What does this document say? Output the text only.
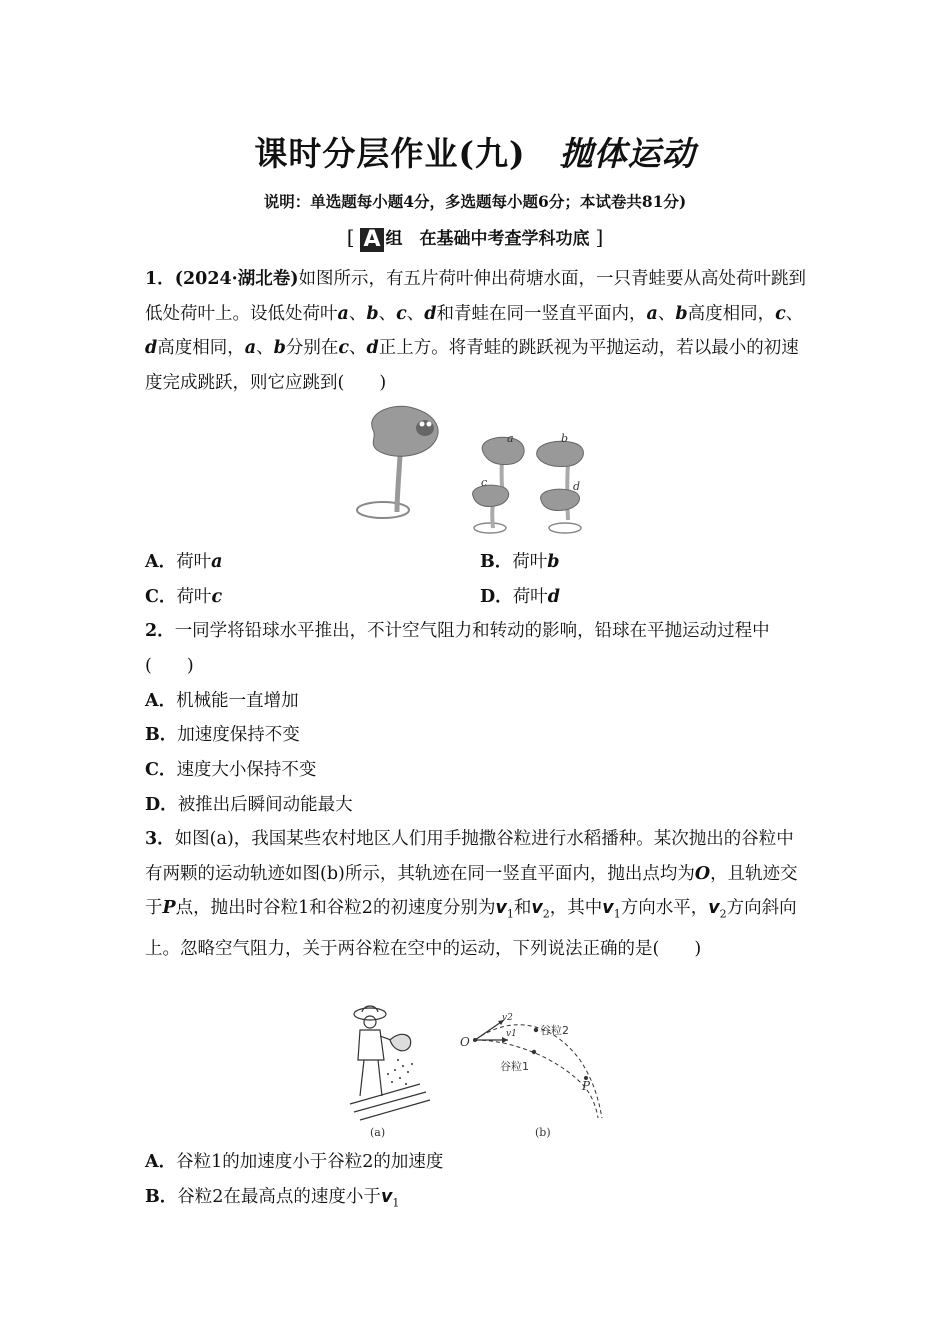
课时分层作业(九) 抛体运动
说明：单选题每小题4分，多选题每小题6分；本试卷共81分)
[ A 组　在基础中考查学科功底 ]
1．(2024·湖北卷)如图所示，有五片荷叶伸出荷塘水面，一只青蛙要从高处荷叶跳到低处荷叶上。设低处荷叶a、b、c、d和青蛙在同一竖直平面内，a、b高度相同，c、d高度相同，a、b分别在c、d正上方。将青蛙的跳跃视为平抛运动，若以最小的初速度完成跳跃，则它应跳到(　　)
a	b
c	d
A．荷叶a	B．荷叶b
C．荷叶c	D．荷叶d
2．一同学将铅球水平推出，不计空气阻力和转动的影响，铅球在平抛运动过程中(　　)
A．机械能一直增加
B．加速度保持不变
C．速度大小保持不变
D．被推出后瞬间动能最大
3．如图(a)，我国某些农村地区人们用手抛撒谷粒进行水稻播种。某次抛出的谷粒中有两颗的运动轨迹如图(b)所示，其轨迹在同一竖直平面内，抛出点均为O，且轨迹交于P点，抛出时谷粒1和谷粒2的初速度分别为$v_1$和$v_2$，其中$v_1$方向水平，$v_2$方向斜向上。忽略空气阻力，关于两谷粒在空中的运动，下列说法正确的是(　　)
(a)
O
P
v2
v1 谷粒2
谷粒1
(b)
A．谷粒1的加速度小于谷粒2的加速度
B．谷粒2在最高点的速度小于$v_1$
